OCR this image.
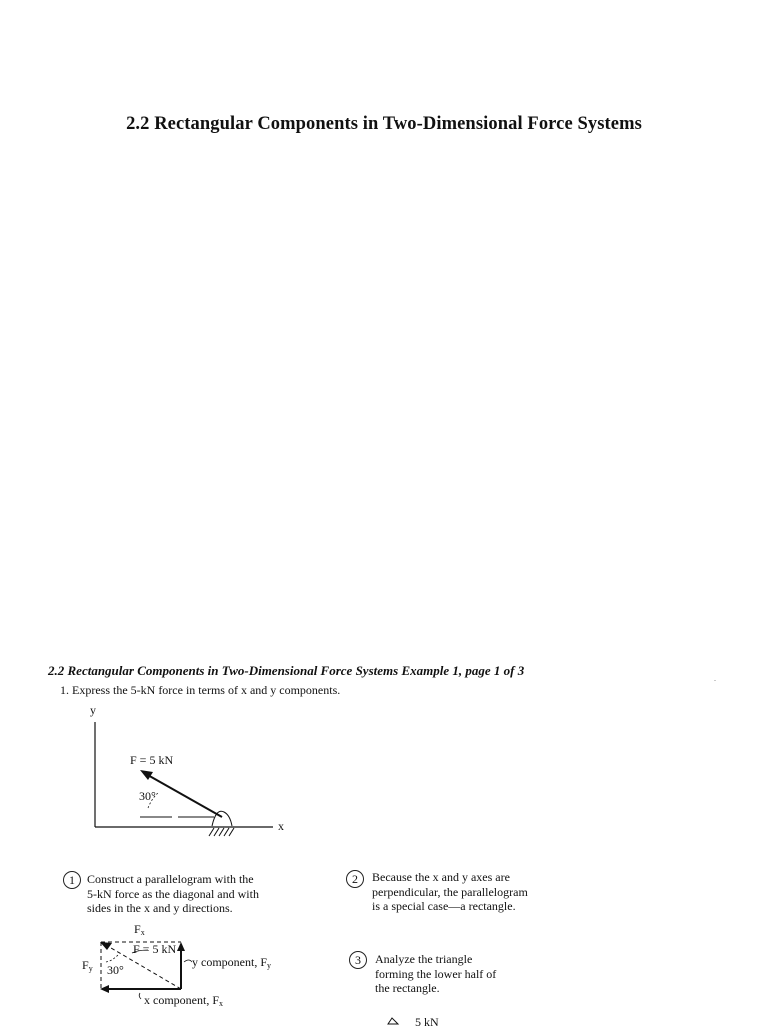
2.2 Rectangular Components in Two-Dimensional Force Systems
2.2 Rectangular Components in Two-Dimensional Force Systems Example 1, page 1 of 3
.
1. Express the 5-kN force in terms of x and y components.
y
x
F = 5 kN
30°
1	Construct a parallelogram with the
5-kN force as the diagonal and with
sides in the x and y directions.
2	Because the x and y axes are
perpendicular, the parallelogram
is a special case—a rectangle.
3	Analyze the triangle
forming the lower half of
the rectangle.
$F_x$
$F_y$
F = 5 kN
30°
y component, $F_y$
x component, $F_x$
5 kN
